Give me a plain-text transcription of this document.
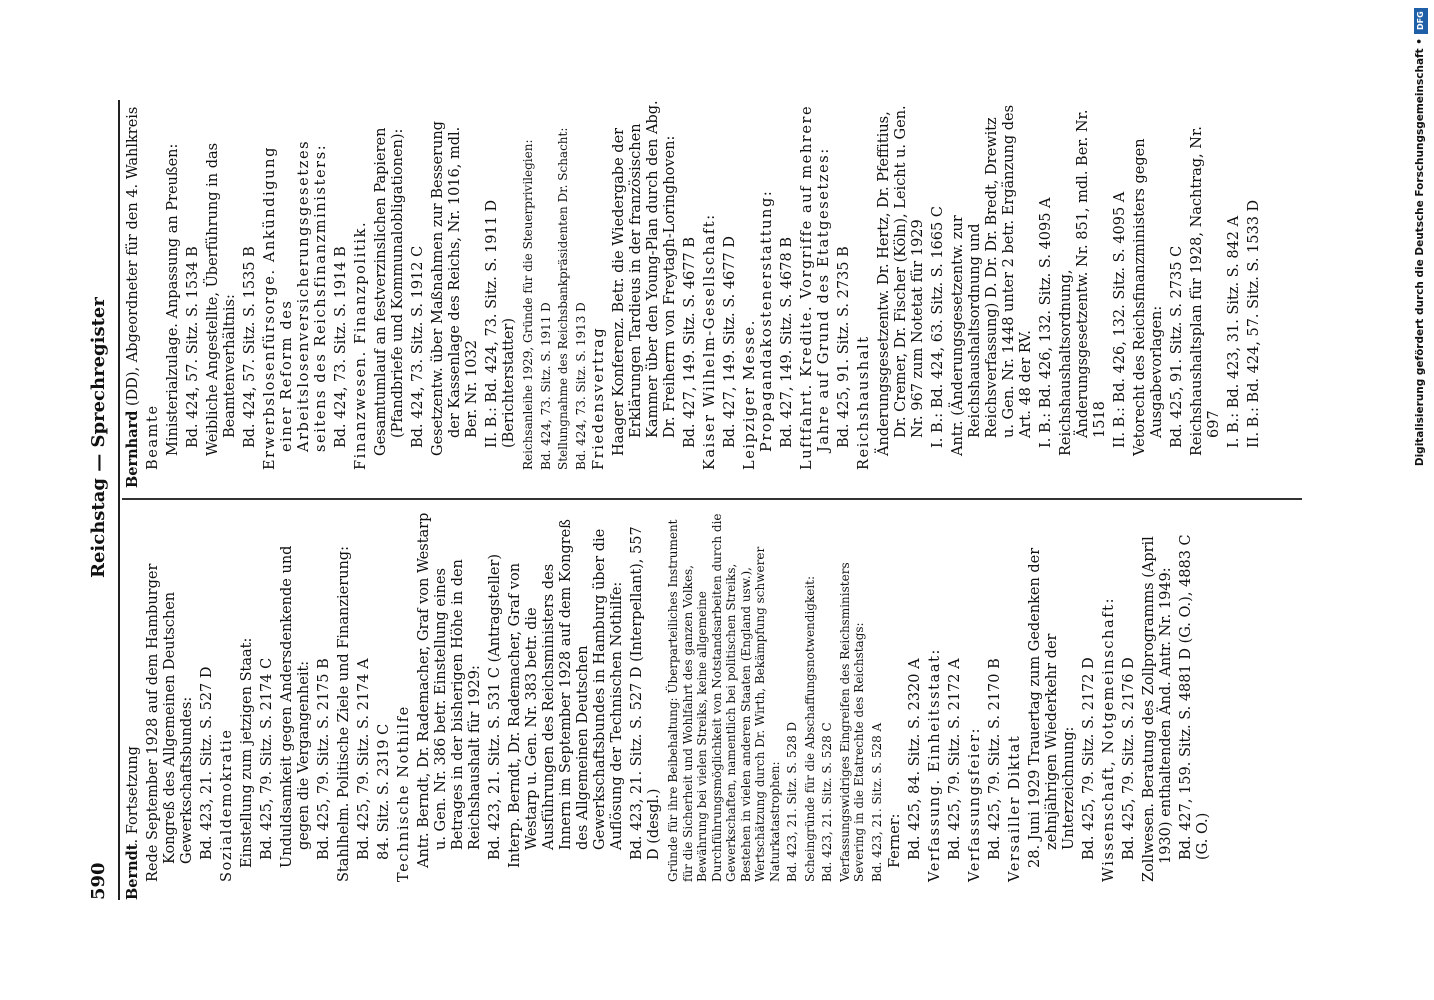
590
Reichstag — Sprechregister
Berndt. Fortsetzung Rede September 1928 auf dem Hamburger Kongreß des Allgemeinen Deutschen Gewerkschaftsbundes: Bd. 423, 21. Sitz. S. 527 D Sozialdemokratie Einstellung zum jetzigen Staat: Bd. 425, 79. Sitz. S. 2174 C Unduldsamkeit gegen Andersdenkende und gegen die Vergangenheit: Bd. 425, 79. Sitz. S. 2175 B Stahlhelm. Politische Ziele und Finanzierung: Bd. 425, 79. Sitz. S. 2174 A 84. Sitz. S. 2319 C Technische Nothilfe Antr. Berndt, Dr. Rademacher, Graf von Westarp u. Gen. Nr. 386 betr. Einstellung eines Betrages in der bisherigen Höhe in den Reichshaushalt für 1929: Bd. 423, 21. Sitz. S. 531 C (Antragsteller) Interp. Berndt, Dr. Rademacher, Graf von Westarp u. Gen. Nr. 383 betr. die Ausführungen des Reichsministers des Innern im September 1928 auf dem Kongreß des Allgemeinen Deutschen Gewerkschaftsbundes in Hamburg über die Auflösung der Technischen Nothilfe: Bd. 423, 21. Sitz. S. 527 D (Interpellant), 557 D (desgl.) Gründe für ihre Beibehaltung: Überparteiliches Instrument für die Sicherheit und Wohlfahrt des ganzen Volkes, Bewährung bei vielen Streiks, keine allgemeine Durchführungsmöglichkeit von Notstandsarbeiten durch die Gewerkschaften, namentlich bei politischen Streiks, Bestehen in vielen anderen Staaten (England usw.), Wertschätzung durch Dr. Wirth, Bekämpfung schwerer Naturkatastrophen: Bd. 423, 21. Sitz. S. 528 D Scheingründe für die Abschaffungsnotwendigkeit: Bd. 423, 21. Sitz. S. 528 C Verfassungswidriges Eingreifen des Reichsministers Severing in die Etatrechte des Reichstags: Bd. 423, 21. Sitz. S. 528 A Ferner: Bd. 425, 84. Sitz. S. 2320 A Verfassung. Einheitsstaat: Bd. 425, 79. Sitz. S. 2172 A Verfassungsfeier: Bd. 425, 79. Sitz. S. 2170 B Versailler Diktat 28. Juni 1929 Trauertag zum Gedenken der zehnjährigen Wiederkehr der Unterzeichnung: Bd. 425, 79. Sitz. S. 2172 D Wissenschaft, Notgemeinschaft: Bd. 425, 79. Sitz. S. 2176 D Zollwesen. Beratung des Zollprogramms (April 1930) enthaltenden Änd. Antr. Nr. 1949: Bd. 427, 159. Sitz. S. 4881 D (G. O.), 4883 C (G. O.)
Bernhard (DD), Abgeordneter für den 4. Wahlkreis
Beamte Ministerialzulage. Anpassung an Preußen: Bd. 424, 57. Sitz. S. 1534 B Weibliche Angestellte, Überführung in das Beamtenverhältnis: Bd. 424, 57. Sitz. S. 1535 B Erwerbslosenfürsorge. Ankündigung einer Reform des Arbeitslosenversicherungsgesetzes seitens des Reichsfinanzministers: Bd. 424, 73. Sitz. S. 1914 B Finanzwesen. Finanzpolitik. Gesamtumlauf an festverzinslichen Papieren (Pfandbriefe und Kommunalobligationen): Bd. 424, 73. Sitz. S. 1912 C Gesetzentw. über Maßnahmen zur Besserung der Kassenlage des Reichs, Nr. 1016, mdl. Ber. Nr. 1032 II. B.: Bd. 424, 73. Sitz. S. 1911 D (Berichterstatter) Reichsanleihe 1929, Gründe für die Steuerprivilegien: Bd. 424, 73. Sitz. S. 1911 D Stellungnahme des Reichsbankpräsidenten Dr. Schacht: Bd. 424, 73. Sitz. S. 1913 D Friedensvertrag Haager Konferenz. Betr. die Wiedergabe der Erklärungen Tardieus in der französischen Kammer über den Young-Plan durch den Abg. Dr. Freiherrn von Freytagh-Loringhoven: Bd. 427, 149. Sitz. S. 4677 B Kaiser Wilhelm-Gesellschaft: Bd. 427, 149. Sitz. S. 4677 D Leipziger Messe. Propagandakostenerstattung: Bd. 427, 149. Sitz. S. 4678 B Luftfahrt. Kredite. Vorgriffe auf mehrere Jahre auf Grund des Etatgesetzes: Bd. 425, 91. Sitz. S. 2735 B Reichshaushalt Änderungsgesetzentw. Dr. Hertz, Dr. Pfeffitius, Dr. Cremer, Dr. Fischer (Köln), Leicht u. Gen. Nr. 967 zum Notetat für 1929 I. B.: Bd. 424, 63. Sitz. S. 1665 C Antr. (Änderungsgesetzentw. zur Reichshaushaltsordnung und Reichsverfassung) D. Dr. Dr. Bredt, Drewitz u. Gen. Nr. 1448 unter 2 betr. Ergänzung des Art. 48 der RV. I. B.: Bd. 426, 132. Sitz. S. 4095 A Reichshaushaltsordnung, Änderungsgesetzentw. Nr. 851, mdl. Ber. Nr. 1518 II. B.: Bd. 426, 132. Sitz. S. 4095 A Vetorecht des Reichsfinanzministers gegen Ausgabevorlagen: Bd. 425, 91. Sitz. S. 2735 C Reichshaushaltsplan für 1928, Nachtrag, Nr. 697 I. B.: Bd. 423, 31. Sitz. S. 842 A II. B.: Bd. 424, 57. Sitz. S. 1533 D
DFG
Digitalisierung gefördert durch die Deutsche Forschungsgemeinschaft •
